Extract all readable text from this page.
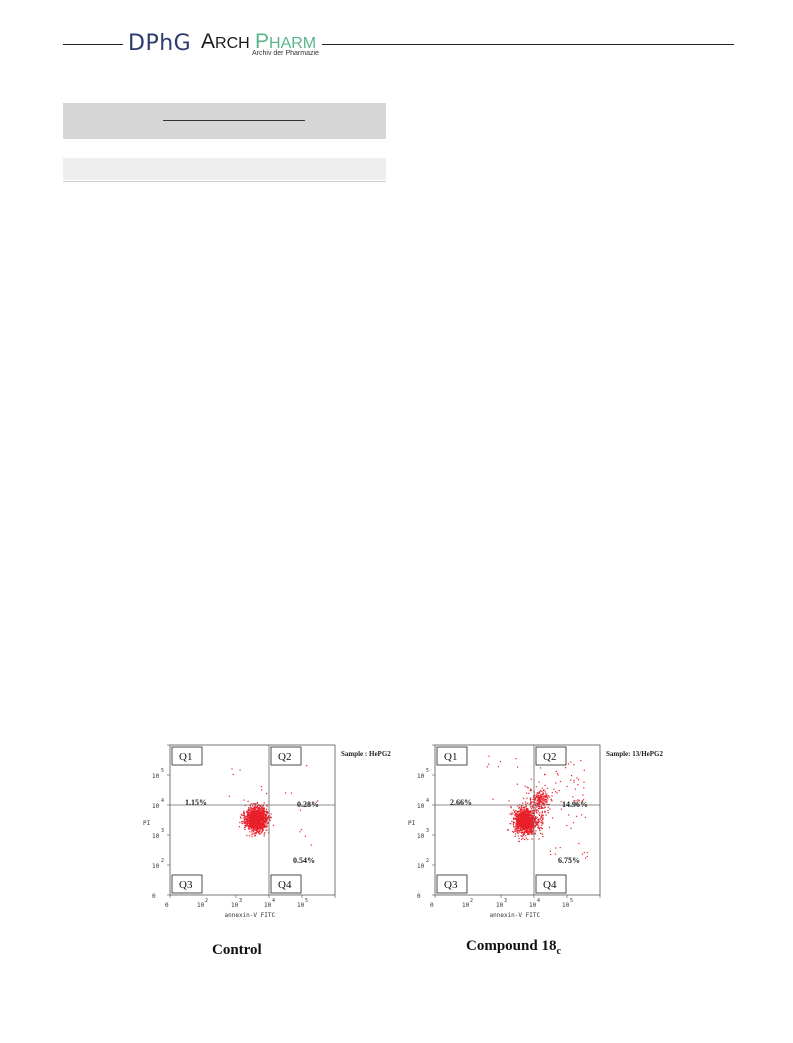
DPhG ARCH PHARM
Archiv der Pharmazie
Q1	Q2
Q3	Q4
1.15%	0.28%
0.54%
Sample : HePG2
0
10
2
10
3
10
4
10
5
PI
0	10
3
10
4
10
5
10
2
annexin-V FITC
Control
Q1	Q2
Q3	Q4
2.66%	14.96%
6.75%
Sample: 13/HePG2
0
10
2
10
3
10
4
10
5
PI
0	10
3
10
4
10
5
10
2
annexin-V FITC
Compound $18_c$
